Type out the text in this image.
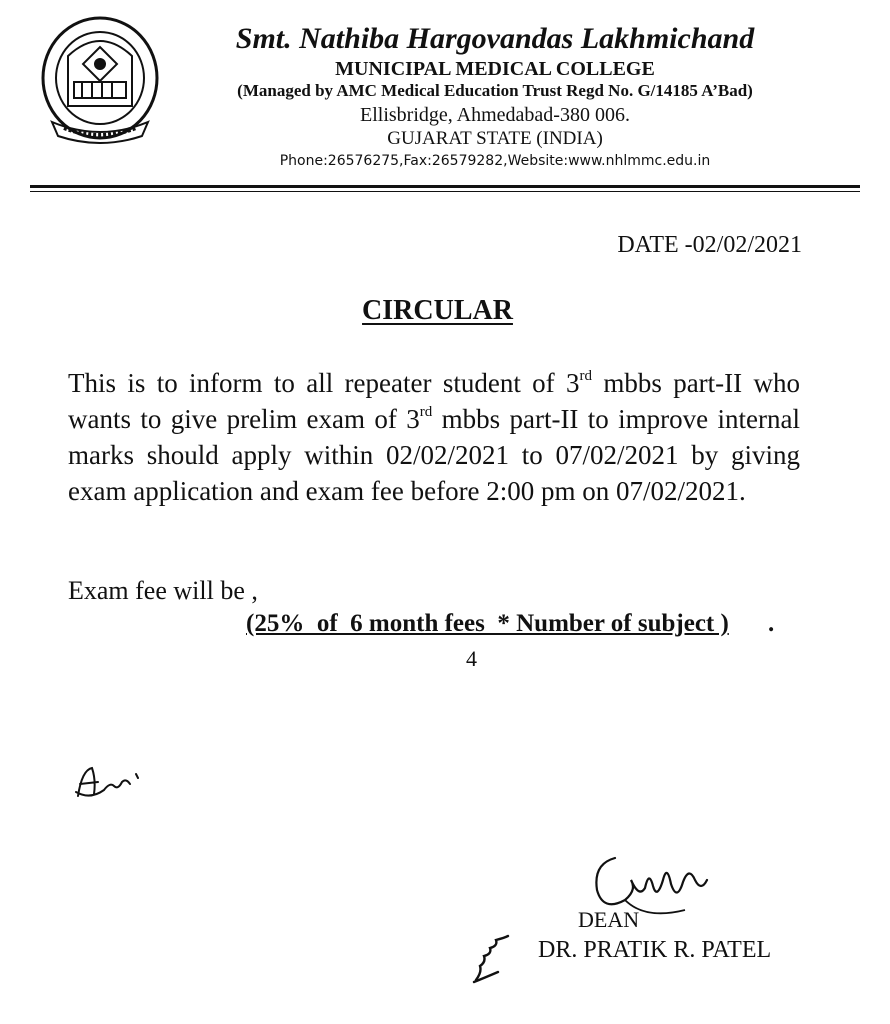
Smt. Nathiba Hargovandas Lakhmichand
MUNICIPAL MEDICAL COLLEGE
(Managed by AMC Medical Education Trust Regd No. G/14185 A’Bad)
Ellisbridge, Ahmedabad-380 006.
GUJARAT STATE (INDIA)
Phone:26576275,Fax:26579282,Website:www.nhlmmc.edu.in
DATE -02/02/2021
CIRCULAR
This is to inform to all repeater student of 3rd mbbs part-II who wants to give prelim exam of 3rd mbbs part-II to improve internal marks should apply within 02/02/2021 to 07/02/2021 by giving exam application and exam fee before 2:00 pm on 07/02/2021.
Exam fee will be ,
(25%  of  6 month fees  * Number of subject ) .
4
DEAN
DR. PRATIK R. PATEL
